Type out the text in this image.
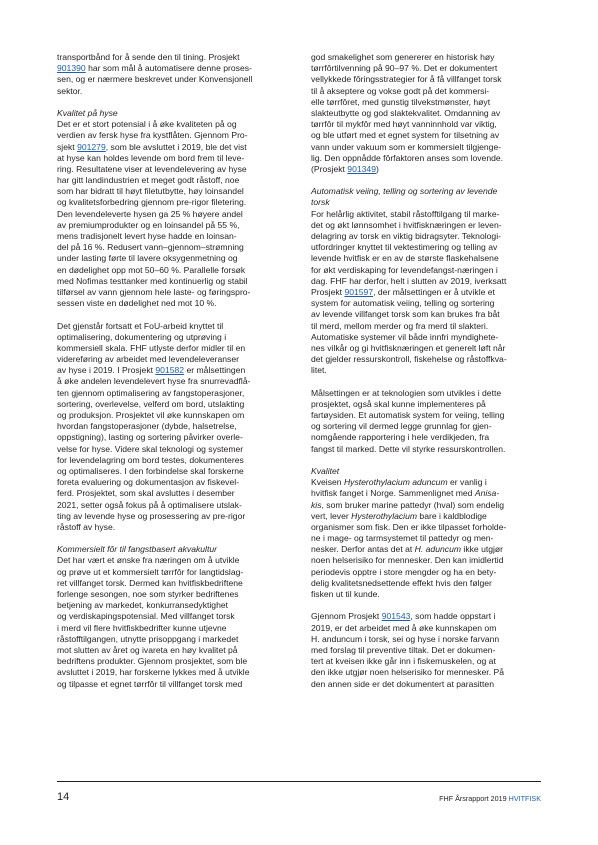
transportbånd for å sende den til tining. Prosjekt
901390 har som mål å automatisere denne proses-
sen, og er nærmere beskrevet under Konvensjonell
sektor.
Kvalitet på hyse
Det er et stort potensial i å øke kvaliteten på og
verdien av fersk hyse fra kystflåten. Gjennom Pro-
sjekt 901279, som ble avsluttet i 2019, ble det vist
at hyse kan holdes levende om bord frem til leve-
ring. Resultatene viser at levendelevering av hyse
har gitt landindustrien et meget godt råstoff, noe
som har bidratt til høyt filetutbytte, høy loinsandel
og kvalitetsforbedring gjennom pre-rigor filetering.
Den levendeleverte hysen ga 25 % høyere andel
av premiumprodukter og en loinsandel på 55 %,
mens tradisjonelt levert hyse hadde en loinsan-
del på 16 %. Redusert vann‒gjennom‒strømning
under lasting førte til lavere oksygenmetning og
en dødelighet opp mot 50–60 %. Parallelle forsøk
med Nofimas testtanker med kontinuerlig og stabil
tilførsel av vann gjennom hele laste- og føringspro-
sessen viste en dødelighet ned mot 10 %.
Det gjenstår fortsatt et FoU-arbeid knyttet til
optimalisering, dokumentering og utprøving i
kommersiell skala. FHF utlyste derfor midler til en
videreføring av arbeidet med levendeleveranser
av hyse i 2019. I Prosjekt 901582 er målsettingen
å øke andelen levendelevert hyse fra snurrevadflå-
ten gjennom optimalisering av fangstoperasjoner,
sortering, overlevelse, velferd om bord, utslakting
og produksjon. Prosjektet vil øke kunnskapen om
hvordan fangstoperasjoner (dybde, halsetrelse,
oppstigning), lasting og sortering påvirker overle-
velse for hyse. Videre skal teknologi og systemer
for levendelagring om bord testes, dokumenteres
og optimaliseres. I den forbindelse skal forskerne
foreta evaluering og dokumentasjon av fiskevel-
ferd. Prosjektet, som skal avsluttes i desember
2021, setter også fokus på å optimalisere utslak-
ting av levende hyse og prosessering av pre-rigor
råstoff av hyse.
Kommersielt fôr til fangstbasert akvakultur
Det har vært et ønske fra næringen om å utvikle
og prøve ut et kommersielt tørrfôr for langtidslag-
ret villfanget torsk. Dermed kan hvitfiskbedriftene
forlenge sesongen, noe som styrker bedriftenes
betjening av markedet, konkurransedyktighet
og verdiskapingspotensial. Med villfanget torsk
i merd vil flere hvitfiskbedrifter kunne utjevne
råstofftilgangen, utnytte prisoppgang i markedet
mot slutten av året og ivareta en høy kvalitet på
bedriftens produkter. Gjennom prosjektet, som ble
avsluttet i 2019, har forskerne lykkes med å utvikle
og tilpasse et egnet tørrfôr til villfanget torsk med
god smakelighet som genererer en historisk høy
tørrfôrtilvenning på 90–97 %. Det er dokumentert
vellykkede fôringsstrategier for å få villfanget torsk
til å akseptere og vokse godt på det kommersi-
elle tørrfôret, med gunstig tilvekstmønster, høyt
slakteutbytte og god slaktekvalitet. Omdanning av
tørrfôr til mykfôr med høyt vanninnhold var viktig,
og ble utført med et egnet system for tilsetning av
vann under vakuum som er kommersielt tilgjenge-
lig. Den oppnådde fôrfaktoren anses som lovende.
(Prosjekt 901349)
Automatisk veiing, telling og sortering av levende
torsk
For helårlig aktivitet, stabil råstofftilgang til marke-
det og økt lønnsomhet i hvitfisknæringen er leven-
delagring av torsk en viktig bidragsyter. Teknologi-
utfordringer knyttet til vektestimering og telling av
levende hvitfisk er en av de største flaskehalsene
for økt verdiskaping for levendefangst-næringen i
dag. FHF har derfor, helt i slutten av 2019, iverksatt
Prosjekt 901597, der målsettingen er å utvikle et
system for automatisk veiing, telling og sortering
av levende villfanget torsk som kan brukes fra båt
til merd, mellom merder og fra merd til slakteri.
Automatiske systemer vil både innfri myndighete-
nes vilkår og gi hvitfisknæringen et generelt løft når
det gjelder ressurskontroll, fiskehelse og råstoffkva-
litet.
Målsettingen er at teknologien som utvikles i dette
prosjektet, også skal kunne implementeres på
fartøysiden. Et automatisk system for veiing, telling
og sortering vil dermed legge grunnlag for gjen-
nomgående rapportering i hele verdikjeden, fra
fangst til marked. Dette vil styrke ressurskontrollen.
Kvalitet
Kveisen Hysterothylacium aduncum er vanlig i
hvitfisk fanget i Norge. Sammenlignet med Anisa-
kis, som bruker marine pattedyr (hval) som endelig
vert, lever Hysterothylacium bare i kaldblodige
organismer som fisk. Den er ikke tilpasset forholde-
ne i mage- og tarmsystemet til pattedyr og men-
nesker. Derfor antas det at H. aduncum ikke utgjør
noen helserisiko for mennesker. Den kan imidlertid
periodevis opptre i store mengder og ha en bety-
delig kvalitetsnedsettende effekt hvis den følger
fisken ut til kunde.
Gjennom Prosjekt 901543, som hadde oppstart i
2019, er det arbeidet med å øke kunnskapen om
H. anduncum i torsk, sei og hyse i norske farvann
med forslag til preventive tiltak. Det er dokumen-
tert at kveisen ikke går inn i fiskemuskelen, og at
den ikke utgjør noen helserisiko for mennesker. På
den annen side er det dokumentert at parasitten
14	FHF Årsrapport 2019 HVITFISK
